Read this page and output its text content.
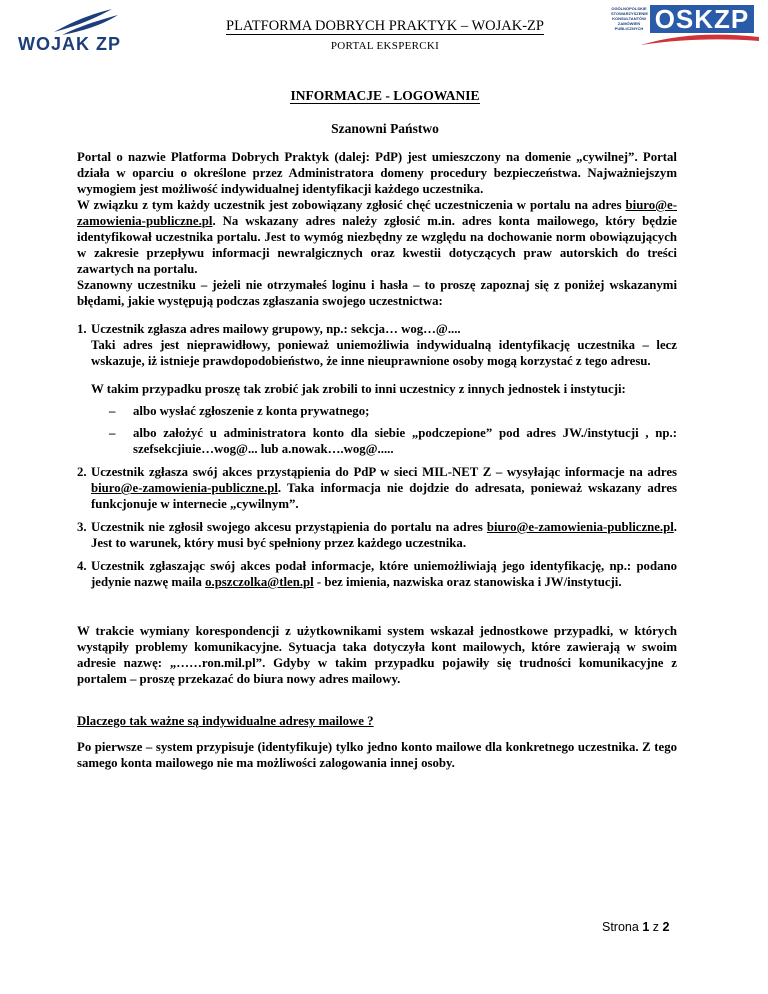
WOJAK ZP
OGÓLNOPOLSKIE STOWARZYSZENIE KONSULTANTÓW ZAMÓWIEŃ PUBLICZNYCH OSKZP
PLATFORMA DOBRYCH PRAKTYK – WOJAK-ZP
PORTAL EKSPERCKI
INFORMACJE - LOGOWANIE
Szanowni Państwo

Portal o nazwie Platforma Dobrych Praktyk (dalej: PdP) jest umieszczony na domenie „cywilnej”. Portal działa w oparciu o określone przez Administratora domeny procedury bezpieczeństwa. Najważniejszym wymogiem jest możliwość indywidualnej identyfikacji każdego uczestnika.

W związku z tym każdy uczestnik jest zobowiązany zgłosić chęć uczestniczenia w portalu na adres biuro@e-zamowienia-publiczne.pl. Na wskazany adres należy zgłosić m.in. adres konta mailowego, który będzie identyfikował uczestnika portalu. Jest to wymóg niezbędny ze względu na dochowanie norm obowiązujących w zakresie przepływu informacji newralgicznych oraz kwestii dotyczących praw autorskich do treści zawartych na portalu.

Szanowny uczestniku – jeżeli nie otrzymałeś loginu i hasła – to proszę zapoznaj się z poniżej wskazanymi błędami, jakie występują podczas zgłaszania swojego uczestnictwa:

1. Uczestnik zgłasza adres mailowy grupowy, np.: sekcja… wog…@....
Taki adres jest nieprawidłowy, ponieważ uniemożliwia indywidualną identyfikację uczestnika – lecz wskazuje, iż istnieje prawdopodobieństwo, że inne nieuprawnione osoby mogą korzystać z tego adresu.
W takim przypadku proszę tak zrobić jak zrobili to inni uczestnicy z innych jednostek i instytucji:
–	albo wysłać zgłoszenie z konta prywatnego;
–	albo założyć u administratora konto dla siebie „podczepione” pod adres JW./instytucji , np.: szefsekcjiuie…wog@... lub a.nowak….wog@.....
2. Uczestnik zgłasza swój akces przystąpienia do PdP w sieci MIL-NET Z – wysyłając informacje na adres biuro@e-zamowienia-publiczne.pl. Taka informacja nie dojdzie do adresata, ponieważ wskazany adres funkcjonuje w internecie „cywilnym”.
3. Uczestnik nie zgłosił swojego akcesu przystąpienia do portalu na adres biuro@e-zamowienia-publiczne.pl. Jest to warunek, który musi być spełniony przez każdego uczestnika.
4. Uczestnik zgłaszając swój akces podał informacje, które uniemożliwiają jego identyfikację, np.: podano jedynie nazwę maila o.pszczolka@tlen.pl - bez imienia, nazwiska oraz stanowiska i JW/instytucji.

W trakcie wymiany korespondencji z użytkownikami system wskazał jednostkowe przypadki, w których wystąpiły problemy komunikacyjne. Sytuacja taka dotyczyła kont mailowych, które zawierają w swoim adresie nazwę: „……ron.mil.pl”. Gdyby w takim przypadku pojawiły się trudności komunikacyjne z portalem – proszę przekazać do biura nowy adres mailowy.

Dlaczego tak ważne są indywidualne adresy mailowe ?

Po pierwsze – system przypisuje (identyfikuje) tylko jedno konto mailowe dla konkretnego uczestnika. Z tego samego konta mailowego nie ma możliwości zalogowania innej osoby.

Strona 1 z 2
